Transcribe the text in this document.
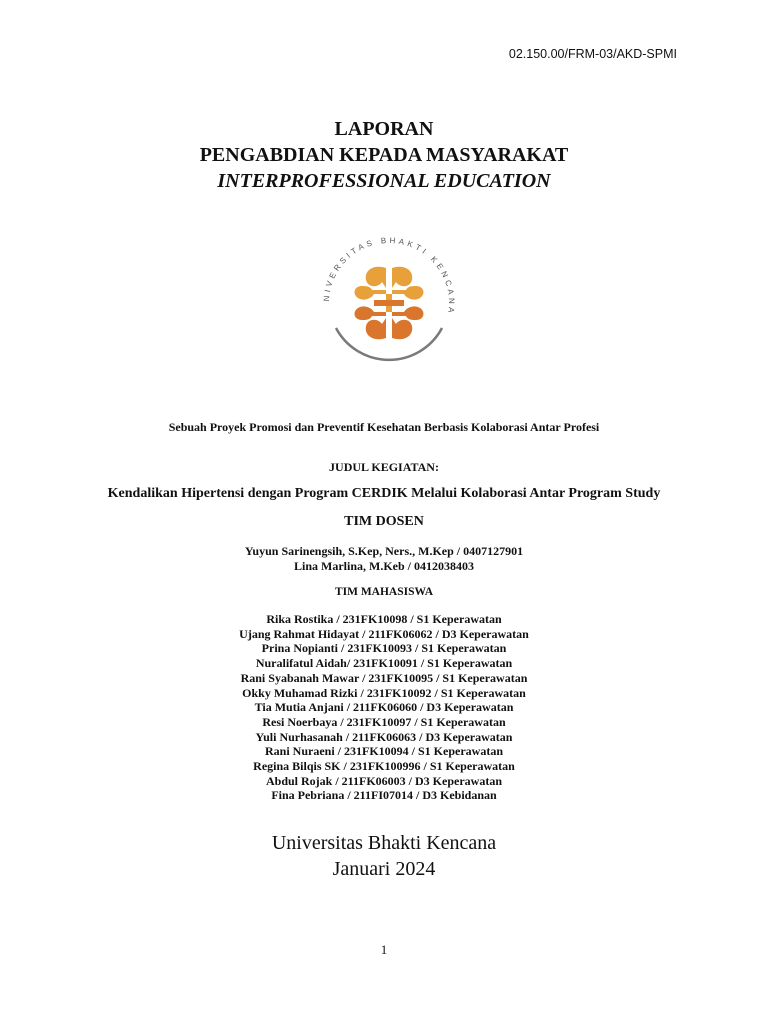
02.150.00/FRM-03/AKD-SPMI
LAPORAN
PENGABDIAN KEPADA MASYARAKAT
INTERPROFESSIONAL EDUCATION
NIVERSITAS BHAKTI KENCANA
Sebuah Proyek Promosi dan Preventif Kesehatan Berbasis Kolaborasi Antar Profesi
JUDUL KEGIATAN:
Kendalikan Hipertensi dengan Program CERDIK Melalui Kolaborasi Antar Program Study
TIM DOSEN
Yuyun Sarinengsih, S.Kep, Ners., M.Kep / 0407127901
Lina Marlina, M.Keb / 0412038403
TIM MAHASISWA
Rika Rostika / 231FK10098 / S1 Keperawatan
Ujang Rahmat Hidayat / 211FK06062 / D3 Keperawatan
Prina Nopianti / 231FK10093 / S1 Keperawatan
Nuralifatul Aidah/ 231FK10091 / S1 Keperawatan
Rani Syabanah Mawar / 231FK10095 / S1 Keperawatan
Okky Muhamad Rizki / 231FK10092 / S1 Keperawatan
Tia Mutia Anjani / 211FK06060 / D3 Keperawatan
Resi Noerbaya / 231FK10097 / S1 Keperawatan
Yuli Nurhasanah / 211FK06063 / D3 Keperawatan
Rani Nuraeni / 231FK10094 / S1 Keperawatan
Regina Bilqis SK / 231FK100996 / S1 Keperawatan
Abdul Rojak / 211FK06003 / D3 Keperawatan
Fina Pebriana / 211FI07014 / D3 Kebidanan
Universitas Bhakti Kencana
Januari 2024
1
